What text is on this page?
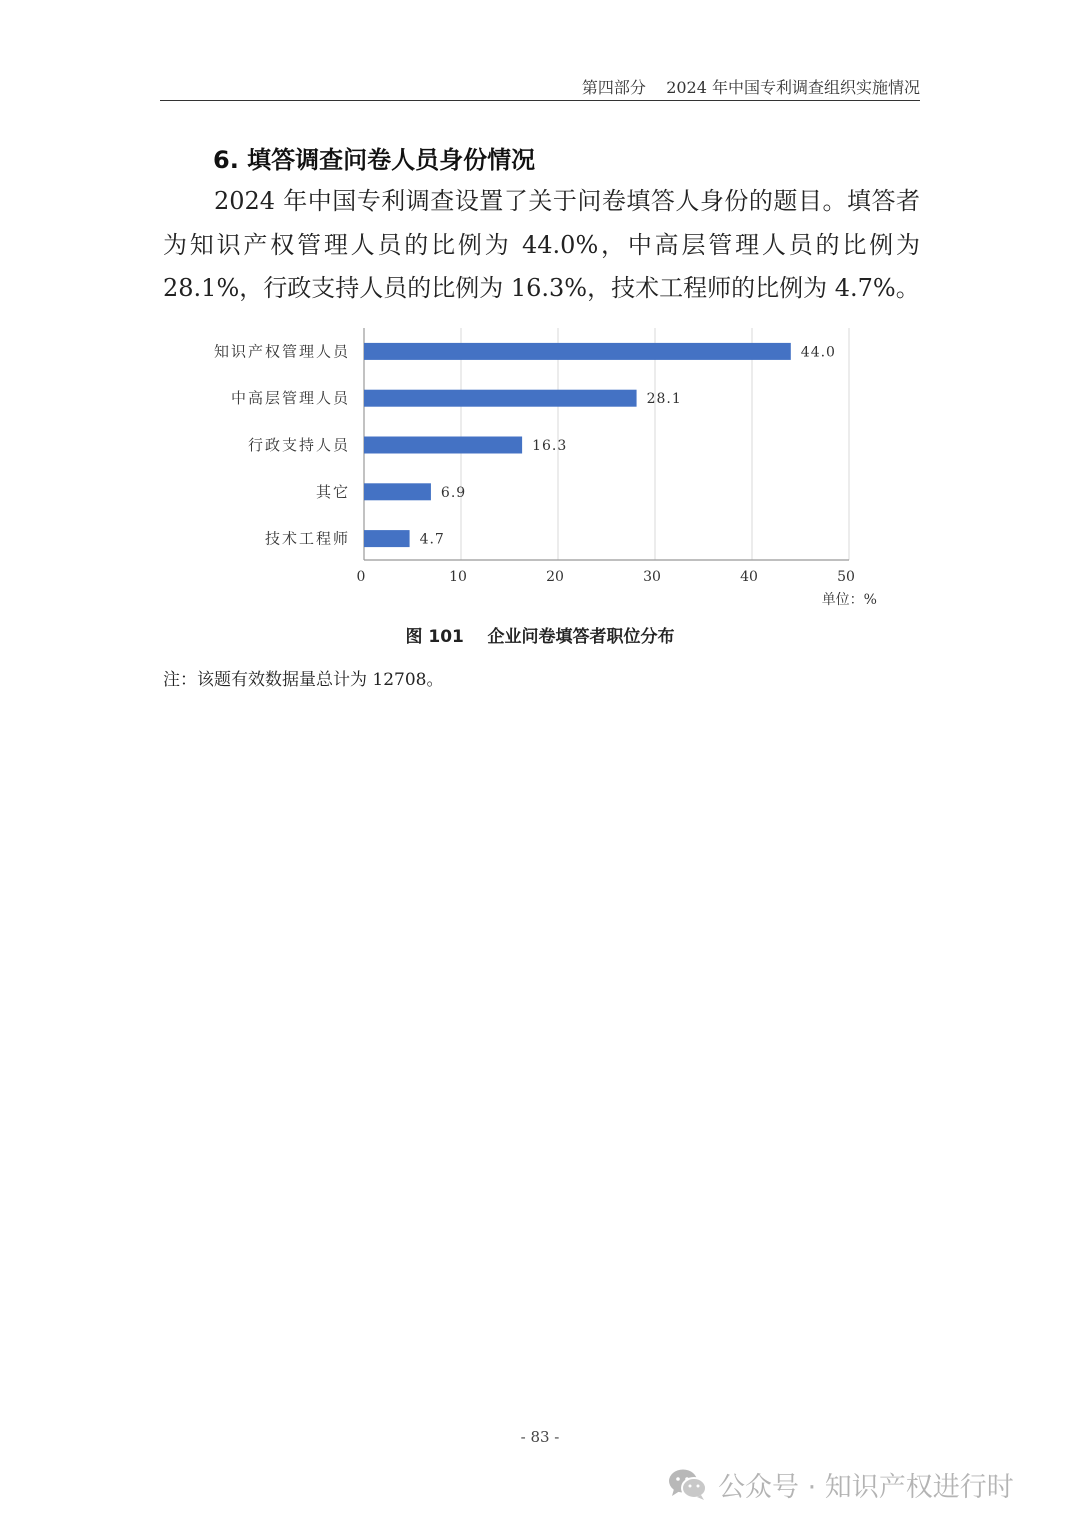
第四部分 2024 年中国专利调查组织实施情况
6. 填答调查问卷人员身份情况
2024 年中国专利调查设置了关于问卷填答人身份的题目。填答者为知识产权管理人员的比例为 44.0%，中高层管理人员的比例为 28.1%，行政支持人员的比例为 16.3%，技术工程师的比例为 4.7%。
知识产权管理人员	44.0
中高层管理人员	28.1
行政支持人员	16.3
其它	6.9
技术工程师	4.7
0	10	20	30	40	50
单位：%
图 101 企业问卷填答者职位分布
注：该题有效数据量总计为 12708。
- 83 -
公众号 · 知识产权进行时
